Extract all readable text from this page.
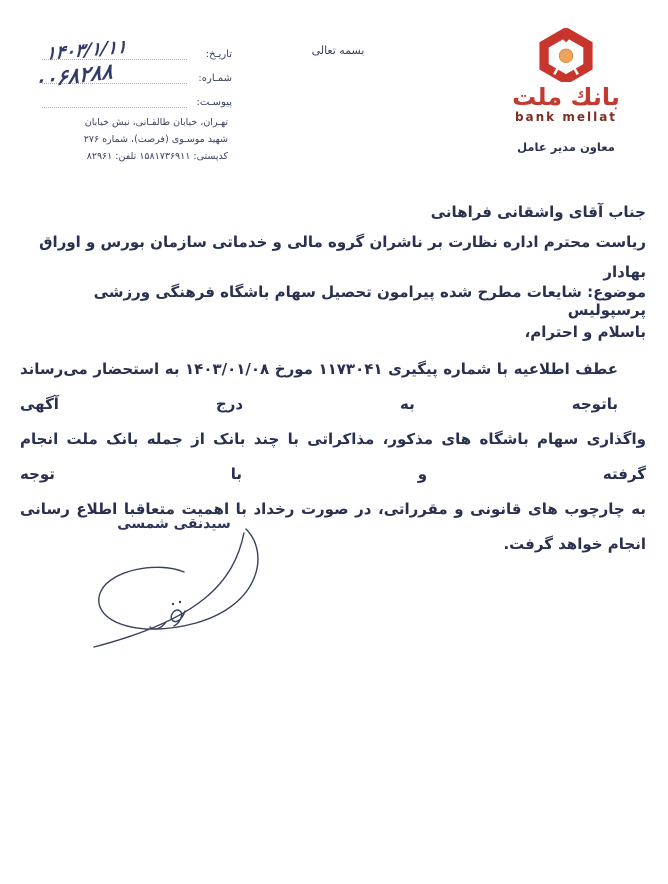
بسمه تعالی
بانك ملت
bank mellat
معاون مدیر عامل
تاریـخ:
شمـاره:
پیوسـت:
۱۴۰۳/۱/۱۱
۰۰۶۸۲۸۸
تهـران، خیابان طالقـانی، نبش خیابان
شهید موسـوی (فرصت)، شماره ۲۷۶
کدپستی: ۱۵۸۱۷۳۶۹۱۱ تلفن: ۸۲۹۶۱
جناب آقای واشقانی فراهانی
ریاست محترم اداره نظارت بر ناشران گروه مالی و خدماتی سازمان بورس و اوراق بهادار
موضوع: شایعات مطرح شده پیرامون تحصیل سهام باشگاه فرهنگی ورزشی پرسپولیس
باسلام و احترام،
عطف اطلاعیه با شماره پیگیری ۱۱۷۳۰۴۱ مورخ ۱۴۰۳/۰۱/۰۸ به استحضار می‌رساند باتوجه به درج آگهی
واگذاری سهام باشگاه های مذکور، مذاکراتی با چند بانک از جمله بانک ملت انجام گرفته و با توجه
به چارچوب های قانونی و مقرراتی، در صورت رخداد با اهمیت متعاقبا اطلاع رسانی انجام خواهد گرفت.
سیدنقی شمسی
